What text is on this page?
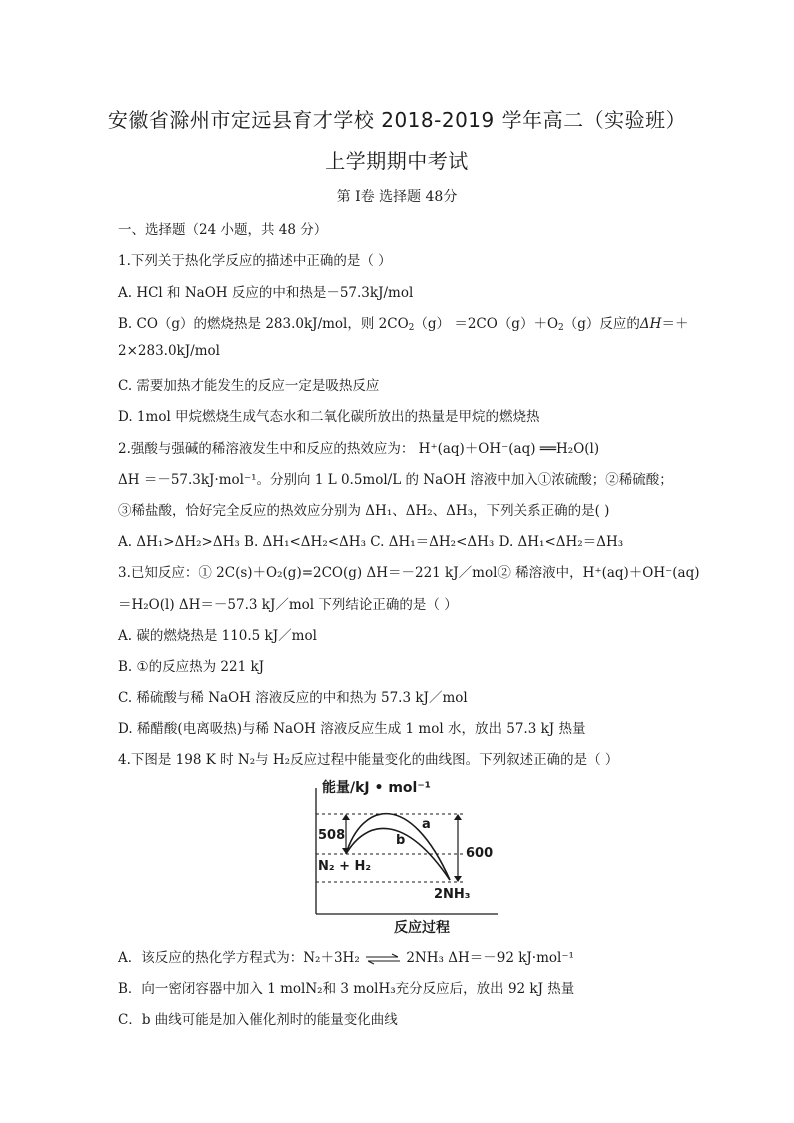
安徽省滁州市定远县育才学校 2018-2019 学年高二（实验班）
上学期期中考试
第 I卷 选择题 48分
一、选择题（24 小题，共 48 分）
1.下列关于热化学反应的描述中正确的是（ ）
A. HCl 和 NaOH 反应的中和热是－57.3kJ/mol
B. CO（g）的燃烧热是 283.0kJ/mol，则 $2CO_2(g) =2CO(g)+O_2(g)$反应的ΔH＝＋
2×283.0kJ/mol
C. 需要加热才能发生的反应一定是吸热反应
D. 1mol 甲烷燃烧生成气态水和二氧化碳所放出的热量是甲烷的燃烧热
2.强酸与强碱的稀溶液发生中和反应的热效应为： H⁺(aq)＋OH⁻(aq) ══H₂O(l)
ΔH ＝－57.3kJ·mol⁻¹。分别向 1 L 0.5mol/L 的 NaOH 溶液中加入①浓硫酸；②稀硫酸；
③稀盐酸，恰好完全反应的热效应分别为 ΔH₁、ΔH₂、ΔH₃，下列关系正确的是( )
A. ΔH₁>ΔH₂>ΔH₃ B. ΔH₁<ΔH₂<ΔH₃ C. ΔH₁＝ΔH₂<ΔH₃ D. ΔH₁<ΔH₂＝ΔH₃
3.已知反应：① 2C(s)＋O₂(g)=2CO(g) ΔH＝－221 kJ／mol② 稀溶液中，H⁺(aq)＋OH⁻(aq)
＝H₂O(l) ΔH＝－57.3 kJ／mol 下列结论正确的是（ ）
A. 碳的燃烧热是 110.5 kJ／mol
B. ①的反应热为 221 kJ
C. 稀硫酸与稀 NaOH 溶液反应的中和热为 57.3 kJ／mol
D. 稀醋酸(电离吸热)与稀 NaOH 溶液反应生成 1 mol 水，放出 57.3 kJ 热量
4.下图是 198 K 时 N₂与 H₂反应过程中能量变化的曲线图。下列叙述正确的是（ ）
能量/kJ • mol⁻¹
反应过程
508
600
a
b
N₂ + H₂
2NH₃
A．该反应的热化学方程式为：N₂＋3H₂ ⇌ 2NH₃ ΔH＝－92 kJ·mol⁻¹
B．向一密闭容器中加入 1 molN₂和 3 molH₃充分反应后，放出 92 kJ 热量
C．b 曲线可能是加入催化剂时的能量变化曲线
